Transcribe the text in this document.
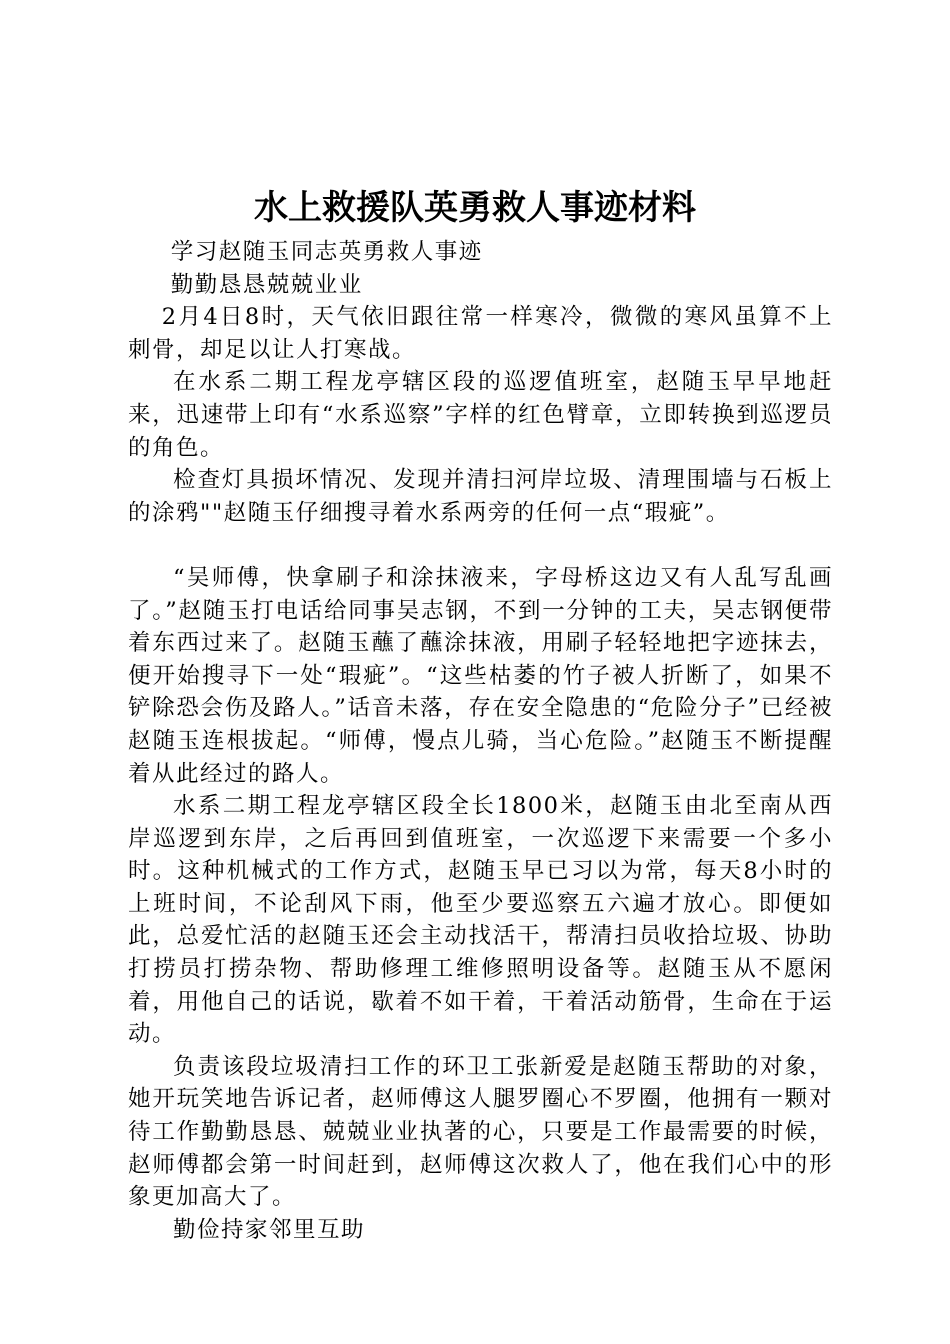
水上救援队英勇救人事迹材料

学习赵随玉同志英勇救人事迹

勤勤恳恳兢兢业业

2月4日8时，天气依旧跟往常一样寒冷，微微的寒风虽算不上刺骨，却足以让人打寒战。

在水系二期工程龙亭辖区段的巡逻值班室，赵随玉早早地赶来，迅速带上印有“水系巡察”字样的红色臂章，立即转换到巡逻员的角色。

检查灯具损坏情况、发现并清扫河岸垃圾、清理围墙与石板上的涂鸦""赵随玉仔细搜寻着水系两旁的任何一点“瑕疵”。

“吴师傅，快拿刷子和涂抹液来，字母桥这边又有人乱写乱画了。”赵随玉打电话给同事吴志钢，不到一分钟的工夫，吴志钢便带着东西过来了。赵随玉蘸了蘸涂抹液，用刷子轻轻地把字迹抹去，便开始搜寻下一处“瑕疵”。“这些枯萎的竹子被人折断了，如果不铲除恐会伤及路人。”话音未落，存在安全隐患的“危险分子”已经被赵随玉连根拔起。“师傅，慢点儿骑，当心危险。”赵随玉不断提醒着从此经过的路人。

水系二期工程龙亭辖区段全长1800米，赵随玉由北至南从西岸巡逻到东岸，之后再回到值班室，一次巡逻下来需要一个多小时。这种机械式的工作方式，赵随玉早已习以为常，每天8小时的上班时间，不论刮风下雨，他至少要巡察五六遍才放心。即便如此，总爱忙活的赵随玉还会主动找活干，帮清扫员收拾垃圾、协助打捞员打捞杂物、帮助修理工维修照明设备等。赵随玉从不愿闲着，用他自己的话说，歇着不如干着，干着活动筋骨，生命在于运动。

负责该段垃圾清扫工作的环卫工张新爱是赵随玉帮助的对象，她开玩笑地告诉记者，赵师傅这人腿罗圈心不罗圈，他拥有一颗对待工作勤勤恳恳、兢兢业业执著的心，只要是工作最需要的时候，赵师傅都会第一时间赶到，赵师傅这次救人了，他在我们心中的形象更加高大了。

勤俭持家邻里互助
